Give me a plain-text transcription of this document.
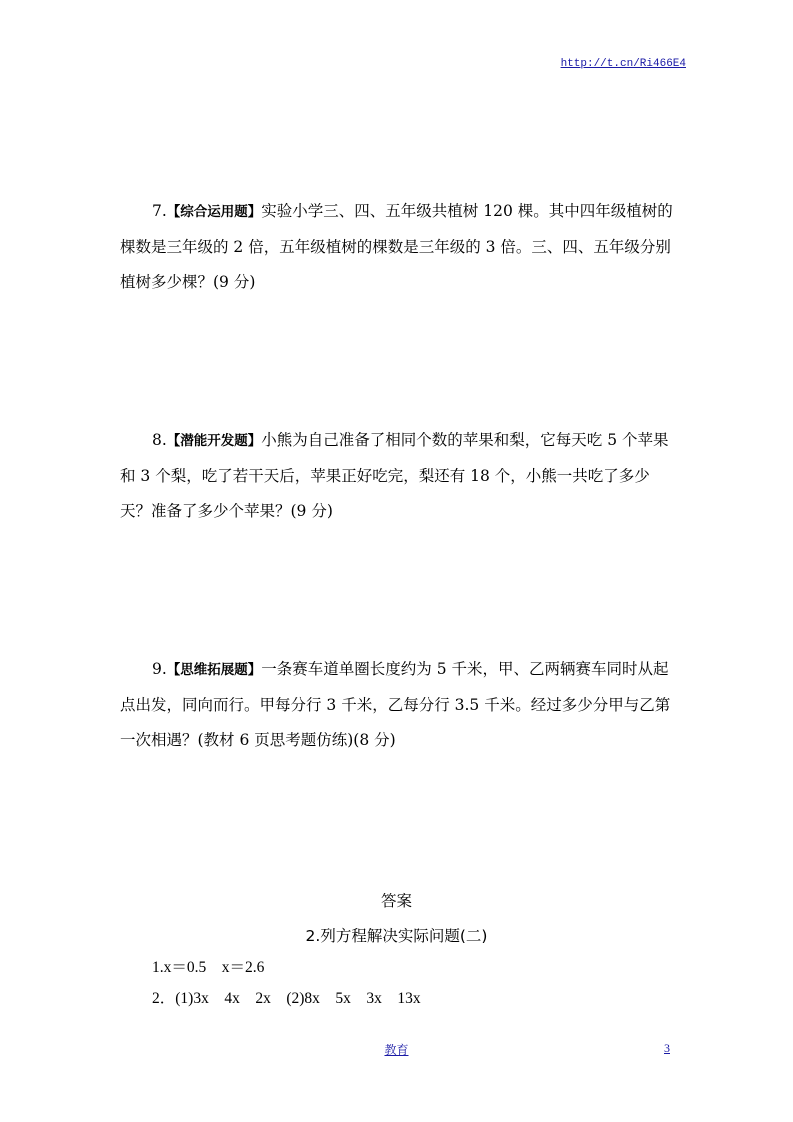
http://t.cn/Ri466E4
7.【综合运用题】实验小学三、四、五年级共植树 120 棵。其中四年级植树的棵数是三年级的 2 倍，五年级植树的棵数是三年级的 3 倍。三、四、五年级分别植树多少棵？(9 分)
8.【潜能开发题】小熊为自己准备了相同个数的苹果和梨，它每天吃 5 个苹果和 3 个梨，吃了若干天后，苹果正好吃完，梨还有 18 个，小熊一共吃了多少天？准备了多少个苹果？(9 分)
9.【思维拓展题】一条赛车道单圈长度约为 5 千米，甲、乙两辆赛车同时从起点出发，同向而行。甲每分行 3 千米，乙每分行 3.5 千米。经过多少分甲与乙第一次相遇？(教材 6 页思考题仿练)(8 分)
答案
2.列方程解决实际问题(二)
1.x＝0.5　x＝2.6
2．(1)3x　4x　2x　(2)8x　5x　3x　13x
教育	3
